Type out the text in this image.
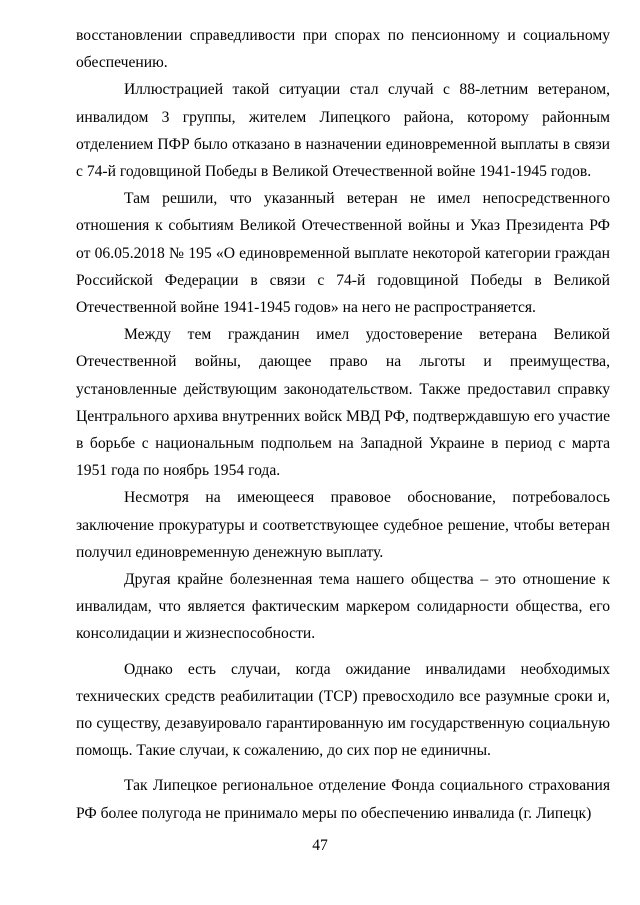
восстановлении справедливости при спорах по пенсионному и социальному обеспечению.

Иллюстрацией такой ситуации стал случай с 88-летним ветераном, инвалидом 3 группы, жителем Липецкого района, которому районным отделением ПФР было отказано в назначении единовременной выплаты в связи с 74-й годовщиной Победы в Великой Отечественной войне 1941-1945 годов.

Там решили, что указанный ветеран не имел непосредственного отношения к событиям Великой Отечественной войны и Указ Президента РФ от 06.05.2018 № 195 «О единовременной выплате некоторой категории граждан Российской Федерации в связи с 74-й годовщиной Победы в Великой Отечественной войне 1941-1945 годов» на него не распространяется.

Между тем гражданин имел удостоверение ветерана Великой Отечественной войны, дающее право на льготы и преимущества, установленные действующим законодательством. Также предоставил справку Центрального архива внутренних войск МВД РФ, подтверждавшую его участие в борьбе с национальным подпольем на Западной Украине в период с марта 1951 года по ноябрь 1954 года.

Несмотря на имеющееся правовое обоснование, потребовалось заключение прокуратуры и соответствующее судебное решение, чтобы ветеран получил единовременную денежную выплату.

Другая крайне болезненная тема нашего общества – это отношение к инвалидам, что является фактическим маркером солидарности общества, его консолидации и жизнеспособности.

Однако есть случаи, когда ожидание инвалидами необходимых технических средств реабилитации (ТСР) превосходило все разумные сроки и, по существу, дезавуировало гарантированную им государственную социальную помощь. Такие случаи, к сожалению, до сих пор не единичны.

Так Липецкое региональное отделение Фонда социального страхования РФ более полугода не принимало меры по обеспечению инвалида (г. Липецк)

47
